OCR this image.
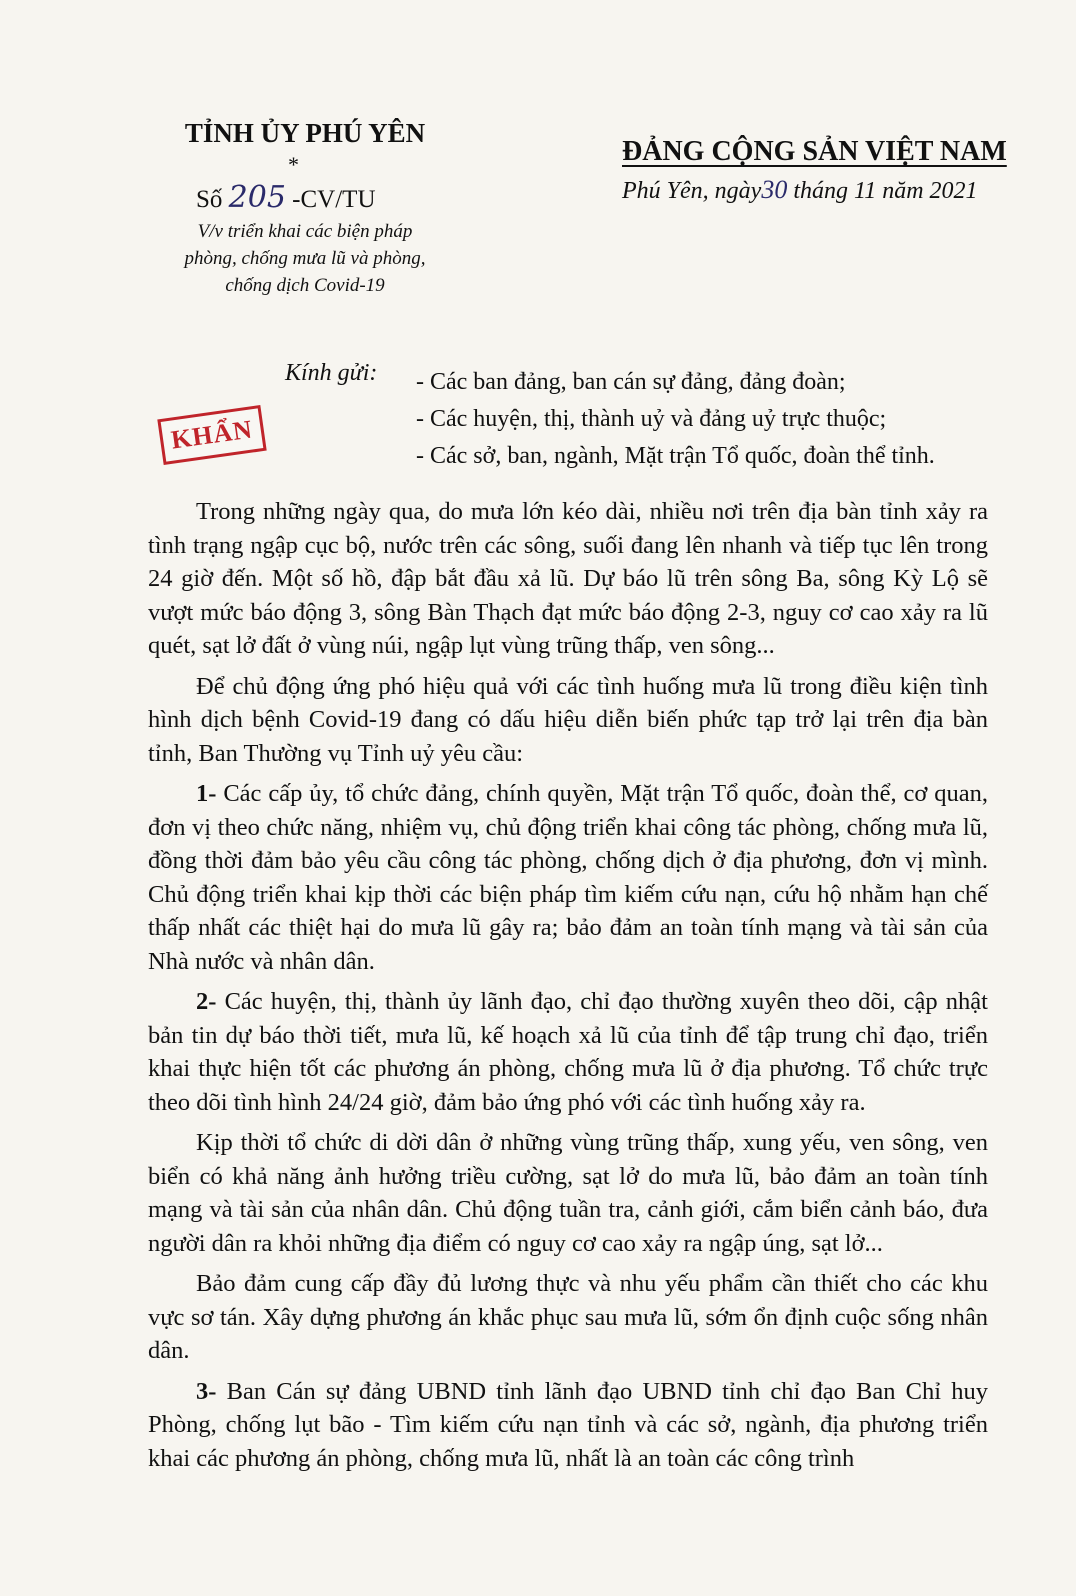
TỈNH ỦY PHÚ YÊN
*
Số 205 -CV/TU
V/v triển khai các biện pháp
phòng, chống mưa lũ và phòng,
chống dịch Covid-19
ĐẢNG CỘNG SẢN VIỆT NAM
Phú Yên, ngày30 tháng 11 năm 2021
Kính gửi: - Các ban đảng, ban cán sự đảng, đảng đoàn;
- Các huyện, thị, thành uỷ và đảng uỷ trực thuộc;
- Các sở, ban, ngành, Mặt trận Tổ quốc, đoàn thể tỉnh.
KHẨN

Trong những ngày qua, do mưa lớn kéo dài, nhiều nơi trên địa bàn tỉnh xảy ra tình trạng ngập cục bộ, nước trên các sông, suối đang lên nhanh và tiếp tục lên trong 24 giờ đến. Một số hồ, đập bắt đầu xả lũ. Dự báo lũ trên sông Ba, sông Kỳ Lộ sẽ vượt mức báo động 3, sông Bàn Thạch đạt mức báo động 2-3, nguy cơ cao xảy ra lũ quét, sạt lở đất ở vùng núi, ngập lụt vùng trũng thấp, ven sông...

Để chủ động ứng phó hiệu quả với các tình huống mưa lũ trong điều kiện tình hình dịch bệnh Covid-19 đang có dấu hiệu diễn biến phức tạp trở lại trên địa bàn tỉnh, Ban Thường vụ Tỉnh uỷ yêu cầu:

1- Các cấp ủy, tổ chức đảng, chính quyền, Mặt trận Tổ quốc, đoàn thể, cơ quan, đơn vị theo chức năng, nhiệm vụ, chủ động triển khai công tác phòng, chống mưa lũ, đồng thời đảm bảo yêu cầu công tác phòng, chống dịch ở địa phương, đơn vị mình. Chủ động triển khai kịp thời các biện pháp tìm kiếm cứu nạn, cứu hộ nhằm hạn chế thấp nhất các thiệt hại do mưa lũ gây ra; bảo đảm an toàn tính mạng và tài sản của Nhà nước và nhân dân.

2- Các huyện, thị, thành ủy lãnh đạo, chỉ đạo thường xuyên theo dõi, cập nhật bản tin dự báo thời tiết, mưa lũ, kế hoạch xả lũ của tỉnh để tập trung chỉ đạo, triển khai thực hiện tốt các phương án phòng, chống mưa lũ ở địa phương. Tổ chức trực theo dõi tình hình 24/24 giờ, đảm bảo ứng phó với các tình huống xảy ra.

Kịp thời tổ chức di dời dân ở những vùng trũng thấp, xung yếu, ven sông, ven biển có khả năng ảnh hưởng triều cường, sạt lở do mưa lũ, bảo đảm an toàn tính mạng và tài sản của nhân dân. Chủ động tuần tra, cảnh giới, cắm biển cảnh báo, đưa người dân ra khỏi những địa điểm có nguy cơ cao xảy ra ngập úng, sạt lở...

Bảo đảm cung cấp đầy đủ lương thực và nhu yếu phẩm cần thiết cho các khu vực sơ tán. Xây dựng phương án khắc phục sau mưa lũ, sớm ổn định cuộc sống nhân dân.

3- Ban Cán sự đảng UBND tỉnh lãnh đạo UBND tỉnh chỉ đạo Ban Chỉ huy Phòng, chống lụt bão - Tìm kiếm cứu nạn tỉnh và các sở, ngành, địa phương triển khai các phương án phòng, chống mưa lũ, nhất là an toàn các công trình
